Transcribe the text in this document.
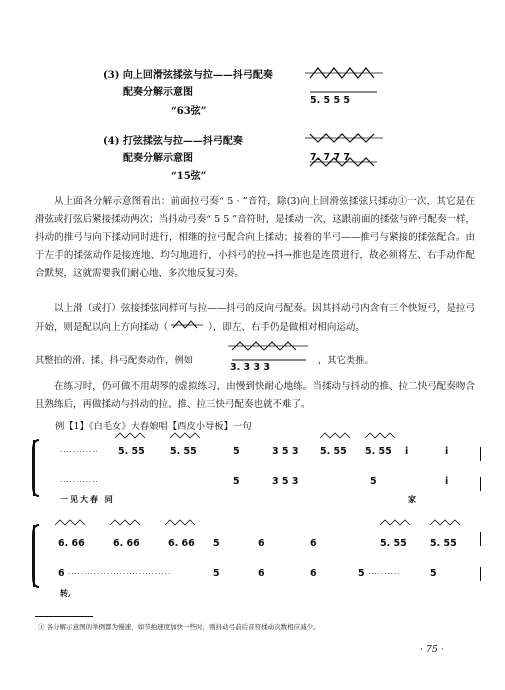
(3) 向上回滑弦揉弦与拉——抖弓配奏
配奏分解示意图
“63弦”
5. 5 5 5
(4) 打弦揉弦与拉——抖弓配奏
配奏分解示意图
“15弦”
7. 7 7 7
从上面各分解示意图看出：前面拉弓奏“ 5 · ”音符，除(3)向上回滑弦揉弦只揉动①一次，其它是在滑弦或打弦后紧接揉动两次；当抖动弓奏“ 5 5 ”音符时，是揉动一次，这跟前面的揉弦与碎弓配奏一样，抖动的推弓与向下揉动同时进行，相继的拉弓配合向上揉动；接着的半弓——推弓与紧接的揉弦配合。由于左手的揉弦动作是接连地、均匀地进行，小抖弓的拉→抖→推也是连贯进行，故必须将左、右手动作配合默契，这就需要我们耐心地、多次地反复习奏。
以上滑（或打）弦接揉弦同样可与拉——抖弓的反向弓配奏。因其抖动弓内含有三个快短弓，是拉弓开始，则是配以向上方向揉动（	），即左、右手仍是做相对相向运动。
其整拍的滑、揉、抖弓配奏动作，例如
3. 3 3 3
，其它类推。
在练习时，仍可做不用胡琴的虚拟练习，由慢到快耐心地练。当揉动与抖动的推、拉二快弓配奏吻合且熟练后，再做揉动与抖动的拉、推、拉三快弓配奏也就不难了。
例【1】《白毛女》大春娘唱【西皮小导板】一句
············ 5. 55	5. 55	5	3 5 3 5. 55 5. 55 i	i
············	5	3 5 3	5	i
一见大春 同	家
6. 66	6. 66	6. 66 5	6	6	5. 55 5. 55
6 ································	5	6	6	5	5
··········
转,
① 各分解示意图的举例都为慢速，如节拍速度加快一些时，则抖动弓前后音符揉动次数相应减少。
· 75 ·
